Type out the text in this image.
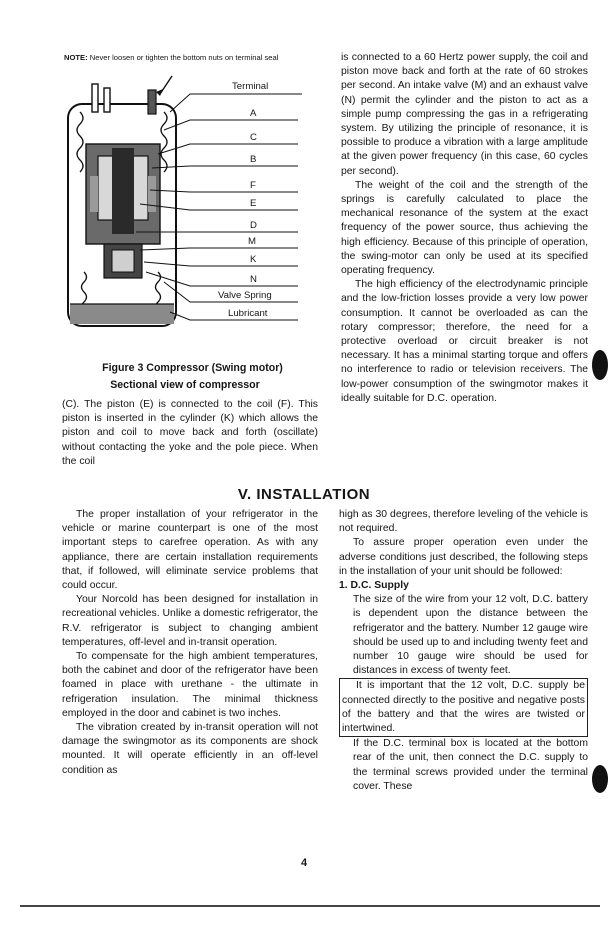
NOTE: Never loosen or tighten the bottom nuts on terminal seal
Terminal
A
C
B
F
E
D
M
K
N
Valve Spring
Lubricant
Figure 3 Compressor (Swing motor)
Sectional view of compressor

(C). The piston (E) is connected to the coil (F). This piston is inserted in the cylinder (K) which allows the piston and coil to move back and forth (oscillate) without contacting the yoke and the pole piece. When the coil

is connected to a 60 Hertz power supply, the coil and piston move back and forth at the rate of 60 strokes per second. An intake valve (M) and an exhaust valve (N) permit the cylinder and the piston to act as a simple pump compressing the gas in a refrigerating system. By utilizing the principle of resonance, it is possible to produce a vibration with a large amplitude at the given power frequency (in this case, 60 cycles per second).

The weight of the coil and the strength of the springs is carefully calculated to place the mechanical resonance of the system at the exact frequency of the power source, thus achieving the high efficiency. Because of this principle of operation, the swing-motor can only be used at its specified operating frequency.

The high efficiency of the electrodynamic principle and the low-friction losses provide a very low power consumption. It cannot be overloaded as can the rotary compressor; therefore, the need for a protective overload or circuit breaker is not necessary. It has a minimal starting torque and offers no interference to radio or television receivers. The low-power consumption of the swingmotor makes it ideally suitable for D.C. operation.

V. INSTALLATION

The proper installation of your refrigerator in the vehicle or marine counterpart is one of the most important steps to carefree operation. As with any appliance, there are certain installation requirements that, if followed, will eliminate service problems that could occur.

Your Norcold has been designed for installation in recreational vehicles. Unlike a domestic refrigerator, the R.V. refrigerator is subject to changing ambient temperatures, off-level and in-transit operation.

To compensate for the high ambient temperatures, both the cabinet and door of the refrigerator have been foamed in place with urethane - the ultimate in refrigeration insulation. The minimal thickness employed in the door and cabinet is two inches.

The vibration created by in-transit operation will not damage the swingmotor as its components are shock mounted. It will operate efficiently in an off-level condition as

high as 30 degrees, therefore leveling of the vehicle is not required.

To assure proper operation even under the adverse conditions just described, the following steps in the installation of your unit should be followed:

1. D.C. Supply

The size of the wire from your 12 volt, D.C. battery is dependent upon the distance between the refrigerator and the battery. Number 12 gauge wire should be used up to and including twenty feet and number 10 gauge wire should be used for distances in excess of twenty feet.

It is important that the 12 volt, D.C. supply be connected directly to the positive and negative posts of the battery and that the wires are twisted or intertwined.

If the D.C. terminal box is located at the bottom rear of the unit, then connect the D.C. supply to the terminal screws provided under the terminal cover. These

4
